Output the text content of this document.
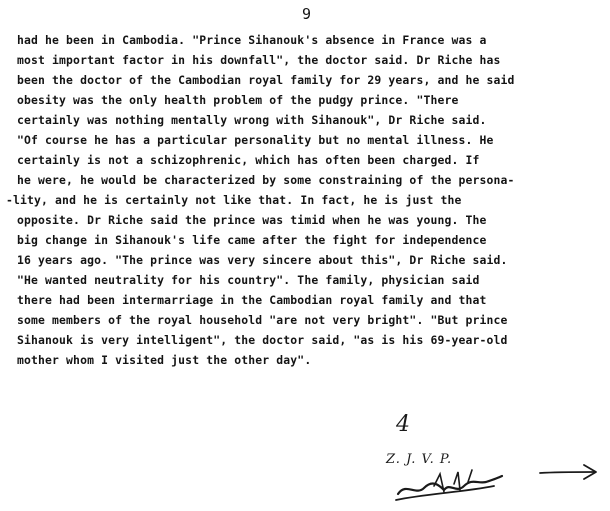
9
had he been in Cambodia. "Prince Sihanouk's absence in France was a
most important factor in his downfall", the doctor said. Dr Riche has
been the doctor of the Cambodian royal family for 29 years, and he said
obesity was the only health problem of the pudgy prince. "There
certainly was nothing mentally wrong with Sihanouk", Dr Riche said.
"Of course he has a particular personality but no mental illness. He
certainly is not a schizophrenic, which has often been charged. If
he were, he would be characterized by some constraining of the persona-
-lity, and he is certainly not like that. In fact, he is just the
opposite. Dr Riche said the prince was timid when he was young. The
big change in Sihanouk's life came after the fight for independence
16 years ago. "The prince was very sincere about this", Dr Riche said.
"He wanted neutrality for his country". The family, physician said
there had been intermarriage in the Cambodian royal family and that
some members of the royal household "are not very bright". "But prince
Sihanouk is very intelligent", the doctor said, "as is his 69-year-old
mother whom I visited just the other day".
4
Z. J. V. P.
